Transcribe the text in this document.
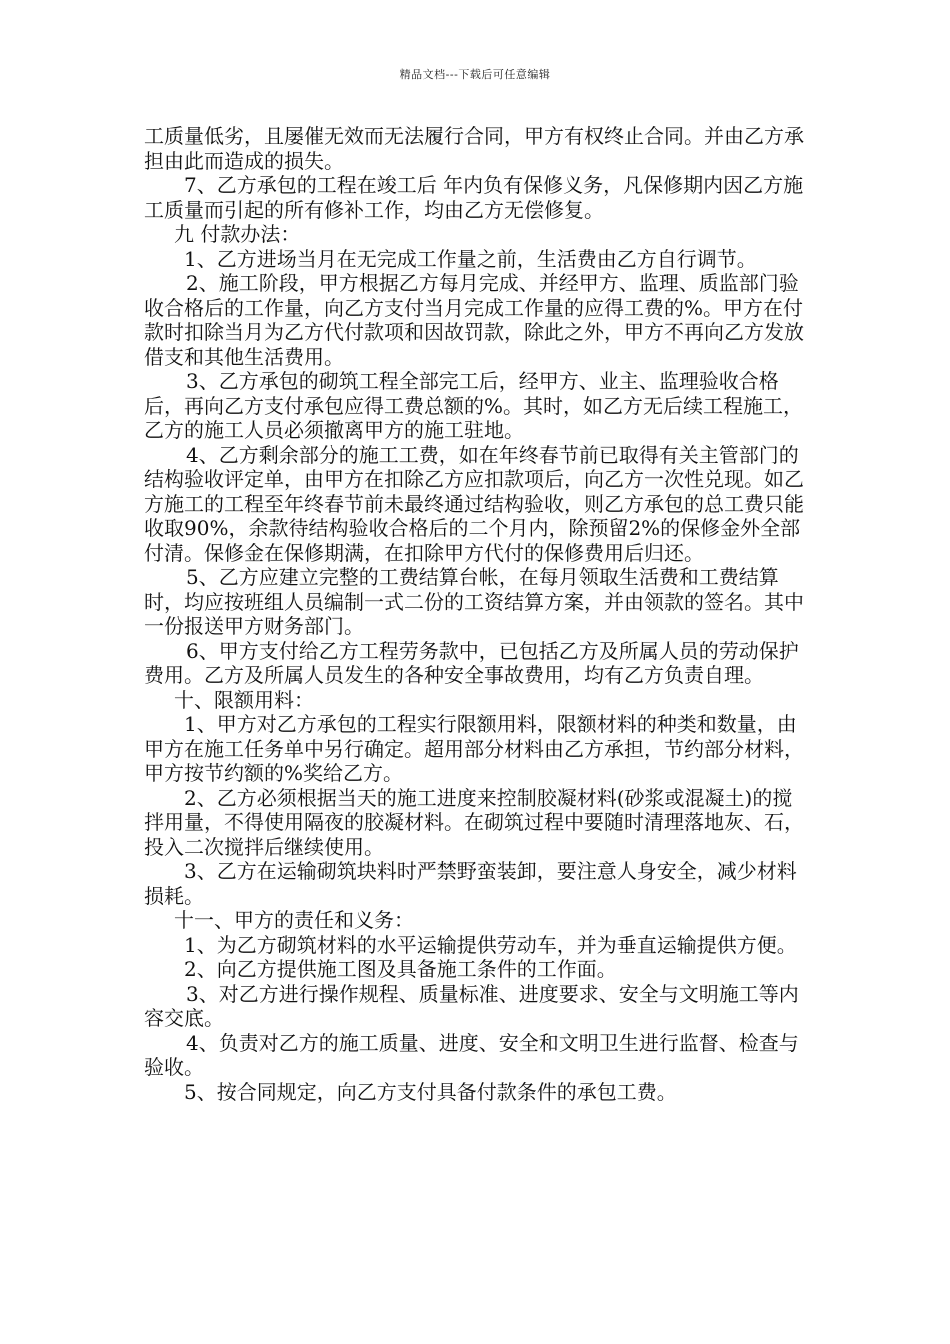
精品文档---下载后可任意编辑

工质量低劣，且屡催无效而无法履行合同，甲方有权终止合同。并由乙方承担由此而造成的损失。

7、乙方承包的工程在竣工后 年内负有保修义务，凡保修期内因乙方施工质量而引起的所有修补工作，均由乙方无偿修复。

九 付款办法：

1、乙方进场当月在无完成工作量之前，生活费由乙方自行调节。

2、施工阶段，甲方根据乙方每月完成、并经甲方、监理、质监部门验收合格后的工作量，向乙方支付当月完成工作量的应得工费的%。甲方在付款时扣除当月为乙方代付款项和因故罚款，除此之外，甲方不再向乙方发放借支和其他生活费用。

3、乙方承包的砌筑工程全部完工后，经甲方、业主、监理验收合格后，再向乙方支付承包应得工费总额的%。其时，如乙方无后续工程施工，乙方的施工人员必须撤离甲方的施工驻地。

4、乙方剩余部分的施工工费，如在年终春节前已取得有关主管部门的结构验收评定单，由甲方在扣除乙方应扣款项后，向乙方一次性兑现。如乙方施工的工程至年终春节前未最终通过结构验收，则乙方承包的总工费只能收取90%，余款待结构验收合格后的二个月内，除预留2%的保修金外全部付清。保修金在保修期满，在扣除甲方代付的保修费用后归还。

5、乙方应建立完整的工费结算台帐，在每月领取生活费和工费结算时，均应按班组人员编制一式二份的工资结算方案，并由领款的签名。其中一份报送甲方财务部门。

6、甲方支付给乙方工程劳务款中，已包括乙方及所属人员的劳动保护费用。乙方及所属人员发生的各种安全事故费用，均有乙方负责自理。

十、限额用料：

1、甲方对乙方承包的工程实行限额用料，限额材料的种类和数量，由甲方在施工任务单中另行确定。超用部分材料由乙方承担，节约部分材料，甲方按节约额的%奖给乙方。

2、乙方必须根据当天的施工进度来控制胶凝材料(砂浆或混凝土)的搅拌用量，不得使用隔夜的胶凝材料。在砌筑过程中要随时清理落地灰、石，投入二次搅拌后继续使用。

3、乙方在运输砌筑块料时严禁野蛮装卸，要注意人身安全，减少材料损耗。

十一、甲方的责任和义务：

1、为乙方砌筑材料的水平运输提供劳动车，并为垂直运输提供方便。

2、向乙方提供施工图及具备施工条件的工作面。

3、对乙方进行操作规程、质量标准、进度要求、安全与文明施工等内容交底。

4、负责对乙方的施工质量、进度、安全和文明卫生进行监督、检查与验收。

5、按合同规定，向乙方支付具备付款条件的承包工费。
